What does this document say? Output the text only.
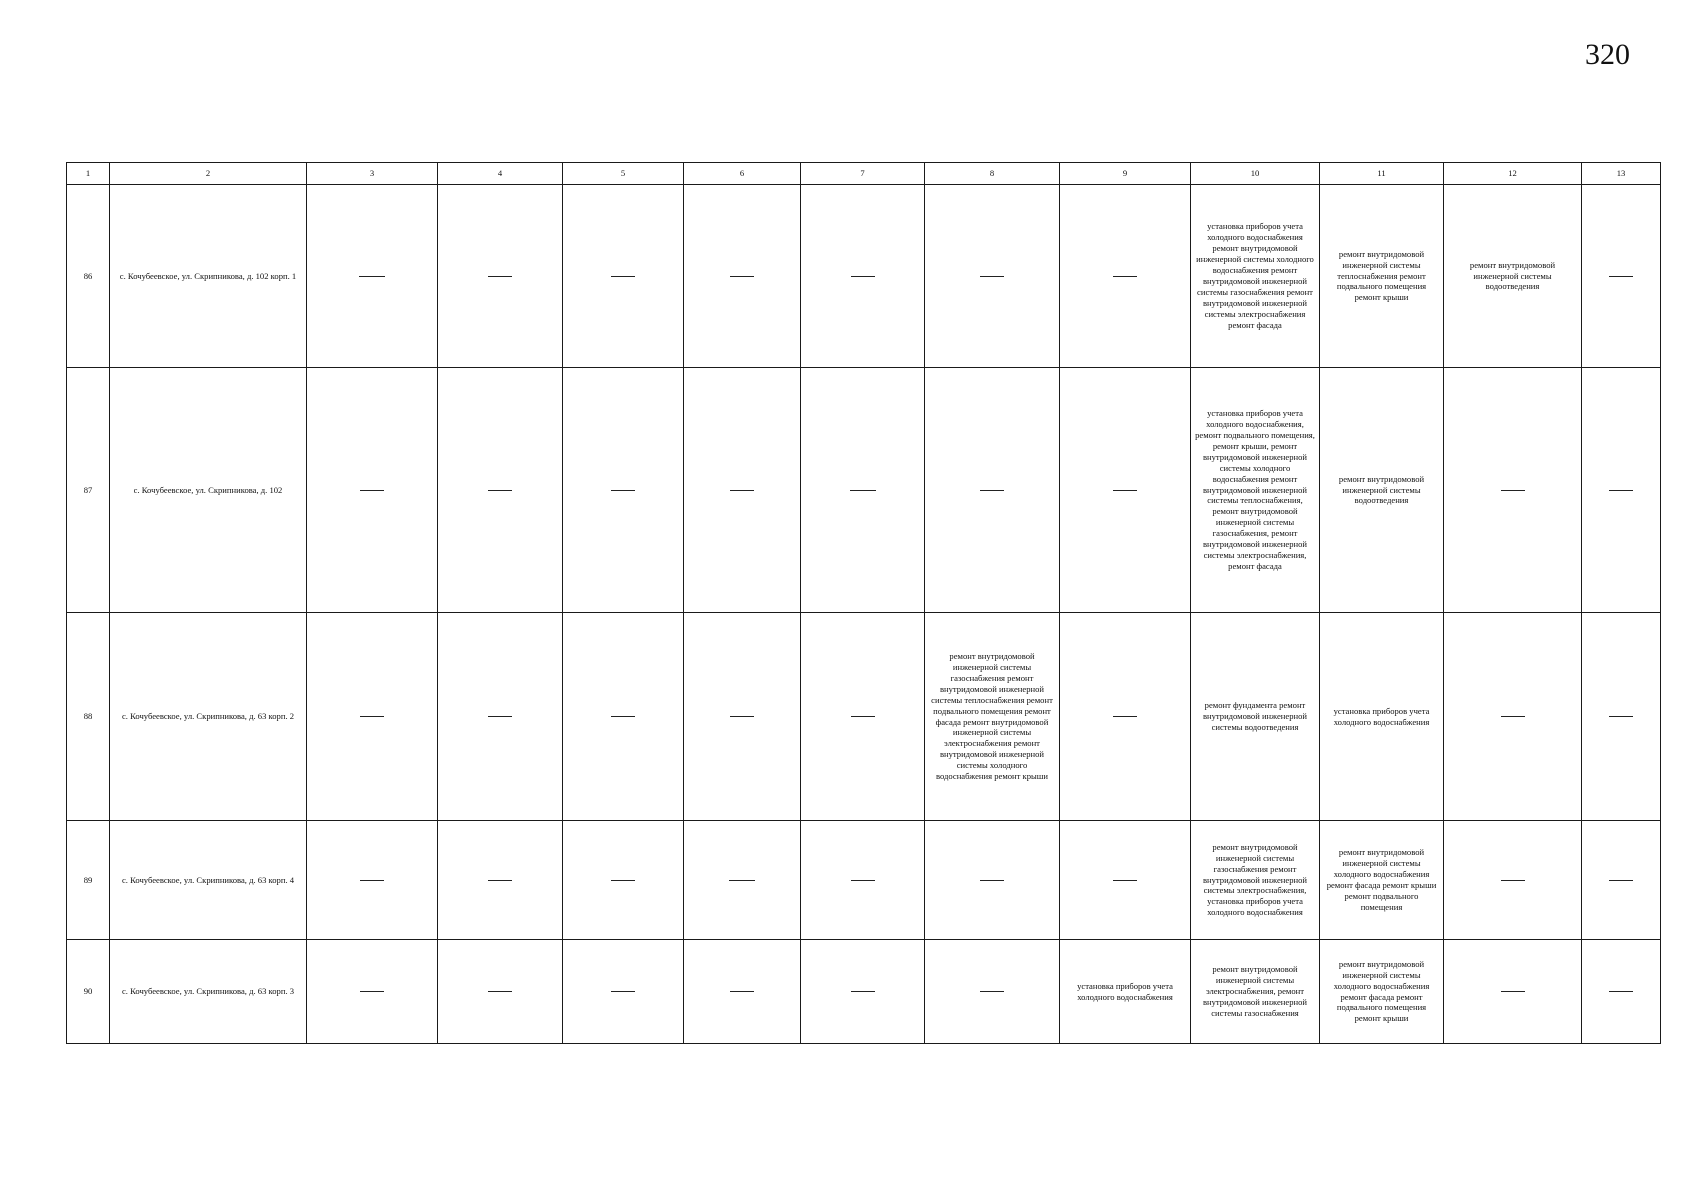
320
1	2	3	4	5	6	7	8	9	10	11	12	13
86	с. Кочубеевское, ул. Скрипникова, д. 102 корп. 1								установка приборов учета холодного водоснабжения ремонт внутридомовой инженерной системы холодного водоснабжения ремонт внутридомовой инженерной системы газоснабжения ремонт внутридомовой инженерной системы электроснабжения ремонт фасада	ремонт внутридомовой инженерной системы теплоснабжения ремонт подвального помещения ремонт крыши	ремонт внутридомовой инженерной системы водоотведения	

87	с. Кочубеевское, ул. Скрипникова, д. 102								установка приборов учета холодного водоснабжения, ремонт подвального помещения, ремонт крыши, ремонт внутридомовой инженерной системы холодного водоснабжения ремонт внутридомовой инженерной системы теплоснабжения, ремонт внутридомовой инженерной системы газоснабжения, ремонт внутридомовой инженерной системы электроснабжения, ремонт фасада	ремонт внутридомовой инженерной системы водоотведения	

88	с. Кочубеевское, ул. Скрипникова, д. 63 корп. 2						ремонт внутридомовой инженерной системы газоснабжения ремонт внутридомовой инженерной системы теплоснабжения ремонт подвального помещения ремонт фасада ремонт внутридомовой инженерной системы электроснабжения ремонт внутридомовой инженерной системы холодного водоснабжения ремонт крыши		ремонт фундамента ремонт внутридомовой инженерной системы водоотведения	установка приборов учета холодного водоснабжения	

89	с. Кочубеевское, ул. Скрипникова, д. 63 корп. 4								ремонт внутридомовой инженерной системы газоснабжения ремонт внутридомовой инженерной системы электроснабжения, установка приборов учета холодного водоснабжения	ремонт внутридомовой инженерной системы холодного водоснабжения ремонт фасада ремонт крыши ремонт подвального помещения	

90	с. Кочубеевское, ул. Скрипникова, д. 63 корп. 3							установка приборов учета холодного водоснабжения	ремонт внутридомовой инженерной системы электроснабжения, ремонт внутридомовой инженерной системы газоснабжения	ремонт внутридомовой инженерной системы холодного водоснабжения ремонт фасада ремонт подвального помещения ремонт крыши	
